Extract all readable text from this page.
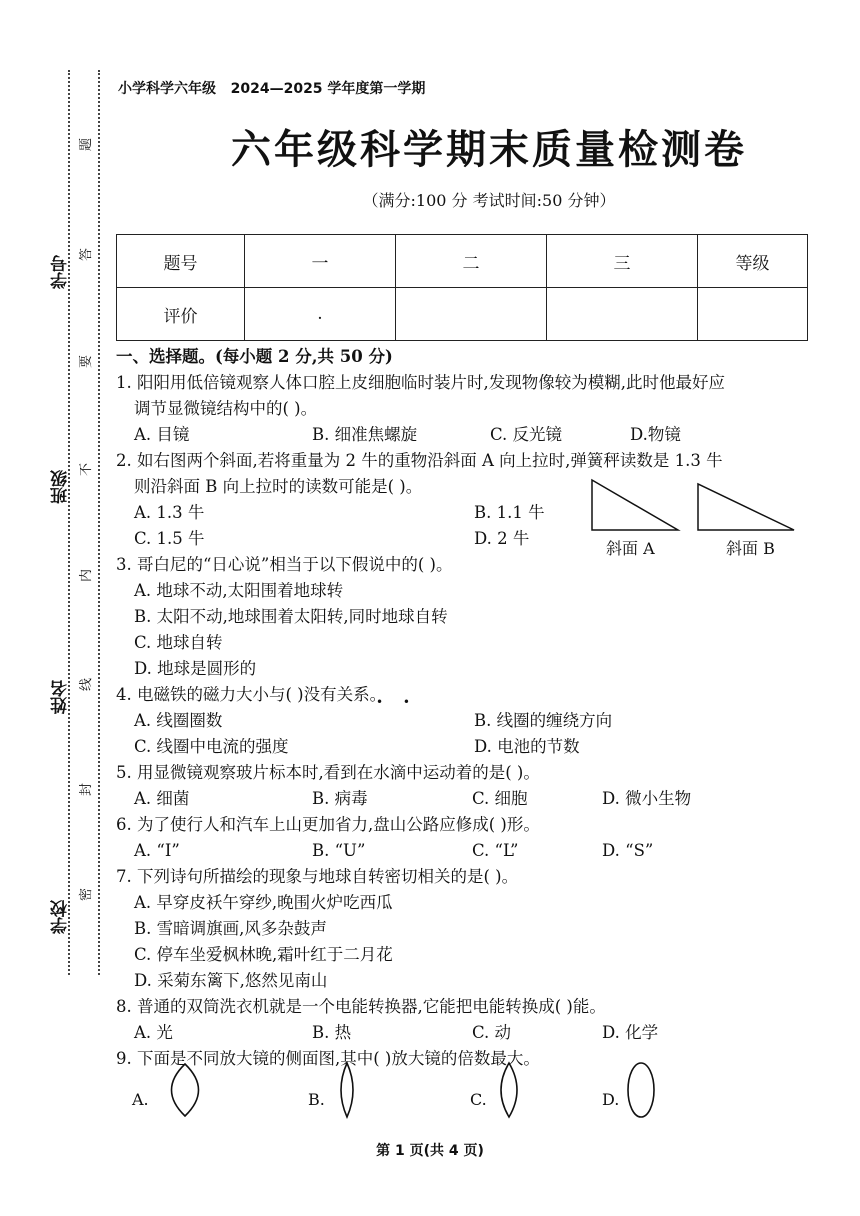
学号
班级
姓名
学校
题
答
要
不
内
线
封
密
小学科学六年级   2024—2025 学年度第一学期
六年级科学期末质量检测卷
（满分:100 分 考试时间:50 分钟）
题号	一	二	三	等级
评价	.			
一、选择题。(每小题 2 分,共 50 分)
1. 阳阳用低倍镜观察人体口腔上皮细胞临时装片时,发现物像较为模糊,此时他最好应
调节显微镜结构中的( )。
A. 目镜	B. 细准焦螺旋	C. 反光镜	D.物镜
2. 如右图两个斜面,若将重量为 2 牛的重物沿斜面 A 向上拉时,弹簧秤读数是 1.3 牛
则沿斜面 B 向上拉时的读数可能是( )。
A. 1.3 牛	B. 1.1 牛
C. 1.5 牛	D. 2 牛
3. 哥白尼的“日心说”相当于以下假说中的( )。
A. 地球不动,太阳围着地球转
B. 太阳不动,地球围着太阳转,同时地球自转
C. 地球自转
D. 地球是圆形的
4. 电磁铁的磁力大小与( )没有关系。
A. 线圈圈数	B. 线圈的缠绕方向
C. 线圈中电流的强度	D. 电池的节数
5. 用显微镜观察玻片标本时,看到在水滴中运动着的是( )。
A. 细菌	B. 病毒	C. 细胞	D. 微小生物
6. 为了使行人和汽车上山更加省力,盘山公路应修成( )形。
A. “I”	B. “U”	C. “L”	D. “S”
7. 下列诗句所描绘的现象与地球自转密切相关的是( )。
A. 早穿皮袄午穿纱,晚围火炉吃西瓜
B. 雪暗调旗画,风多杂鼓声
C. 停车坐爱枫林晚,霜叶红于二月花
D. 采菊东篱下,悠然见南山
8. 普通的双筒洗衣机就是一个电能转换器,它能把电能转换成( )能。
A. 光	B. 热	C. 动	D. 化学
9. 下面是不同放大镜的侧面图,其中( )放大镜的倍数最大。
• •
斜面 A	斜面 B
A.	B.	C.	D.
第 1 页(共 4 页)
